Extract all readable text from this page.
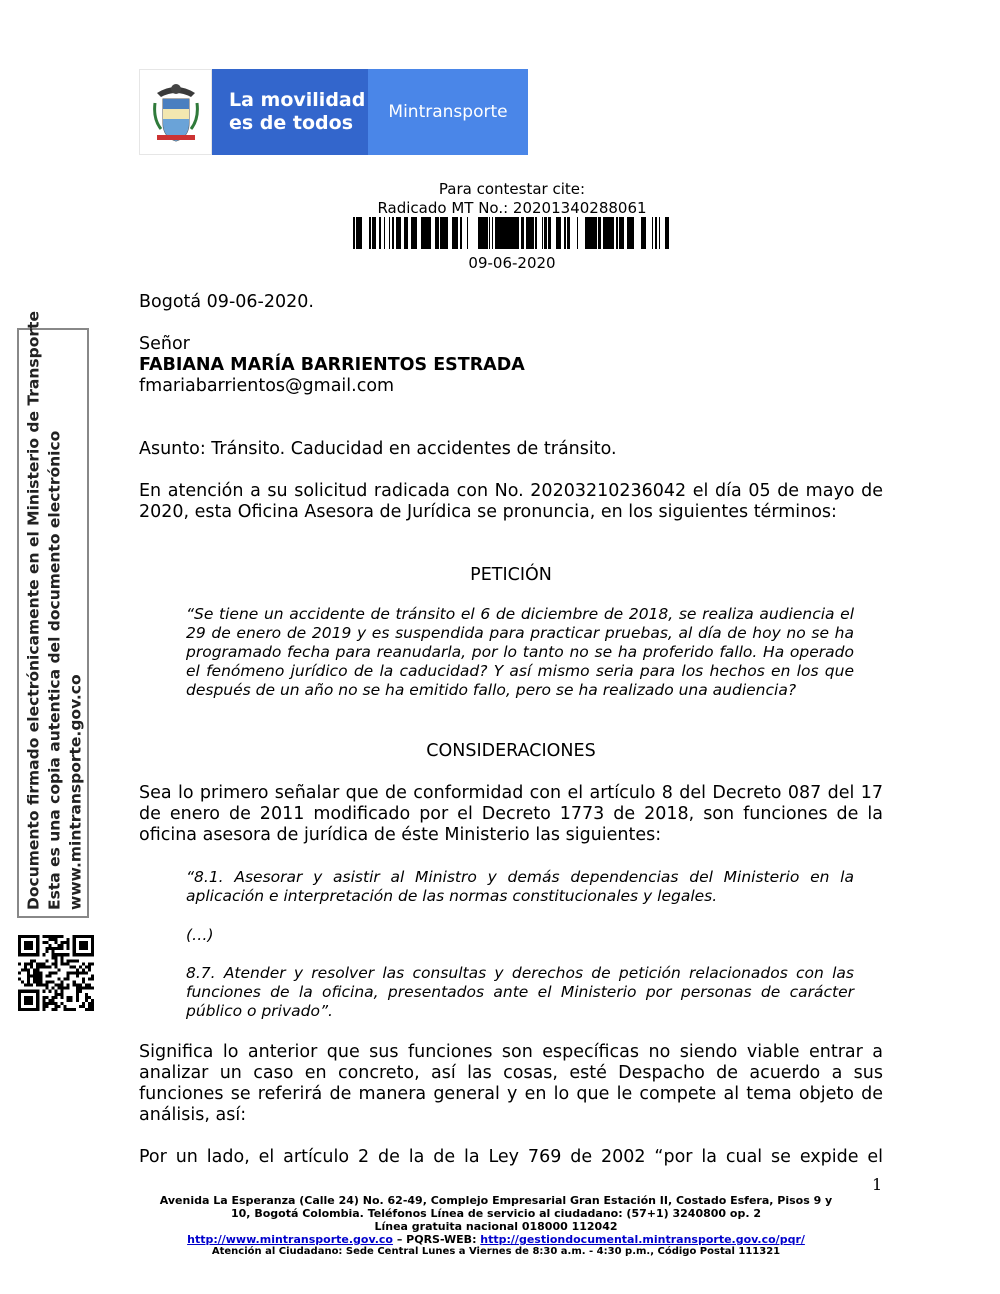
La movilidad
es de todos	Mintransporte
Para contestar cite:
Radicado MT No.: 20201340288061
09-06-2020
Bogotá 09-06-2020.
Señor
FABIANA MARÍA BARRIENTOS ESTRADA
fmariabarrientos@gmail.com
Asunto: Tránsito. Caducidad en accidentes de tránsito.
En atención a su solicitud radicada con No. 20203210236042 el día 05 de mayo de 2020, esta Oficina Asesora de Jurídica se pronuncia, en los siguientes términos:
PETICIÓN
“Se tiene un accidente de tránsito el 6 de diciembre de 2018, se realiza audiencia el 29 de enero de 2019 y es suspendida para practicar pruebas, al día de hoy no se ha programado fecha para reanudarla, por lo tanto no se ha proferido fallo. Ha operado el fenómeno jurídico de la caducidad? Y así mismo seria para los hechos en los que después de un año no se ha emitido fallo, pero se ha realizado una audiencia?
CONSIDERACIONES
Sea lo primero señalar que de conformidad con el artículo 8 del Decreto 087 del 17 de enero de 2011 modificado por el Decreto 1773 de 2018, son funciones de la oficina asesora de jurídica de éste Ministerio las siguientes:
“8.1. Asesorar y asistir al Ministro y demás dependencias del Ministerio en la aplicación e interpretación de las normas constitucionales y legales.
(…)
8.7. Atender y resolver las consultas y derechos de petición relacionados con las funciones de la oficina, presentados ante el Ministerio por personas de carácter público o privado”.
Significa lo anterior que sus funciones son específicas no siendo viable entrar a analizar un caso en concreto, así las cosas, esté Despacho de acuerdo a sus funciones se referirá de manera general y en lo que le compete al tema objeto de análisis, así:
Por un lado, el artículo 2 de la de la Ley 769 de 2002 “por la cual se expide el
1
Documento firmado electrónicamente en el Ministerio de Transporte Esta es una copia autentica del documento electrónico www.mintransporte.gov.co
Avenida La Esperanza (Calle 24) No. 62-49, Complejo Empresarial Gran Estación II, Costado Esfera, Pisos 9 y
10, Bogotá Colombia. Teléfonos Línea de servicio al ciudadano: (57+1) 3240800 op. 2
Línea gratuita nacional 018000 112042
http://www.mintransporte.gov.co – PQRS-WEB: http://gestiondocumental.mintransporte.gov.co/pqr/
Atención al Ciudadano: Sede Central Lunes a Viernes de 8:30 a.m. - 4:30 p.m., Código Postal 111321
